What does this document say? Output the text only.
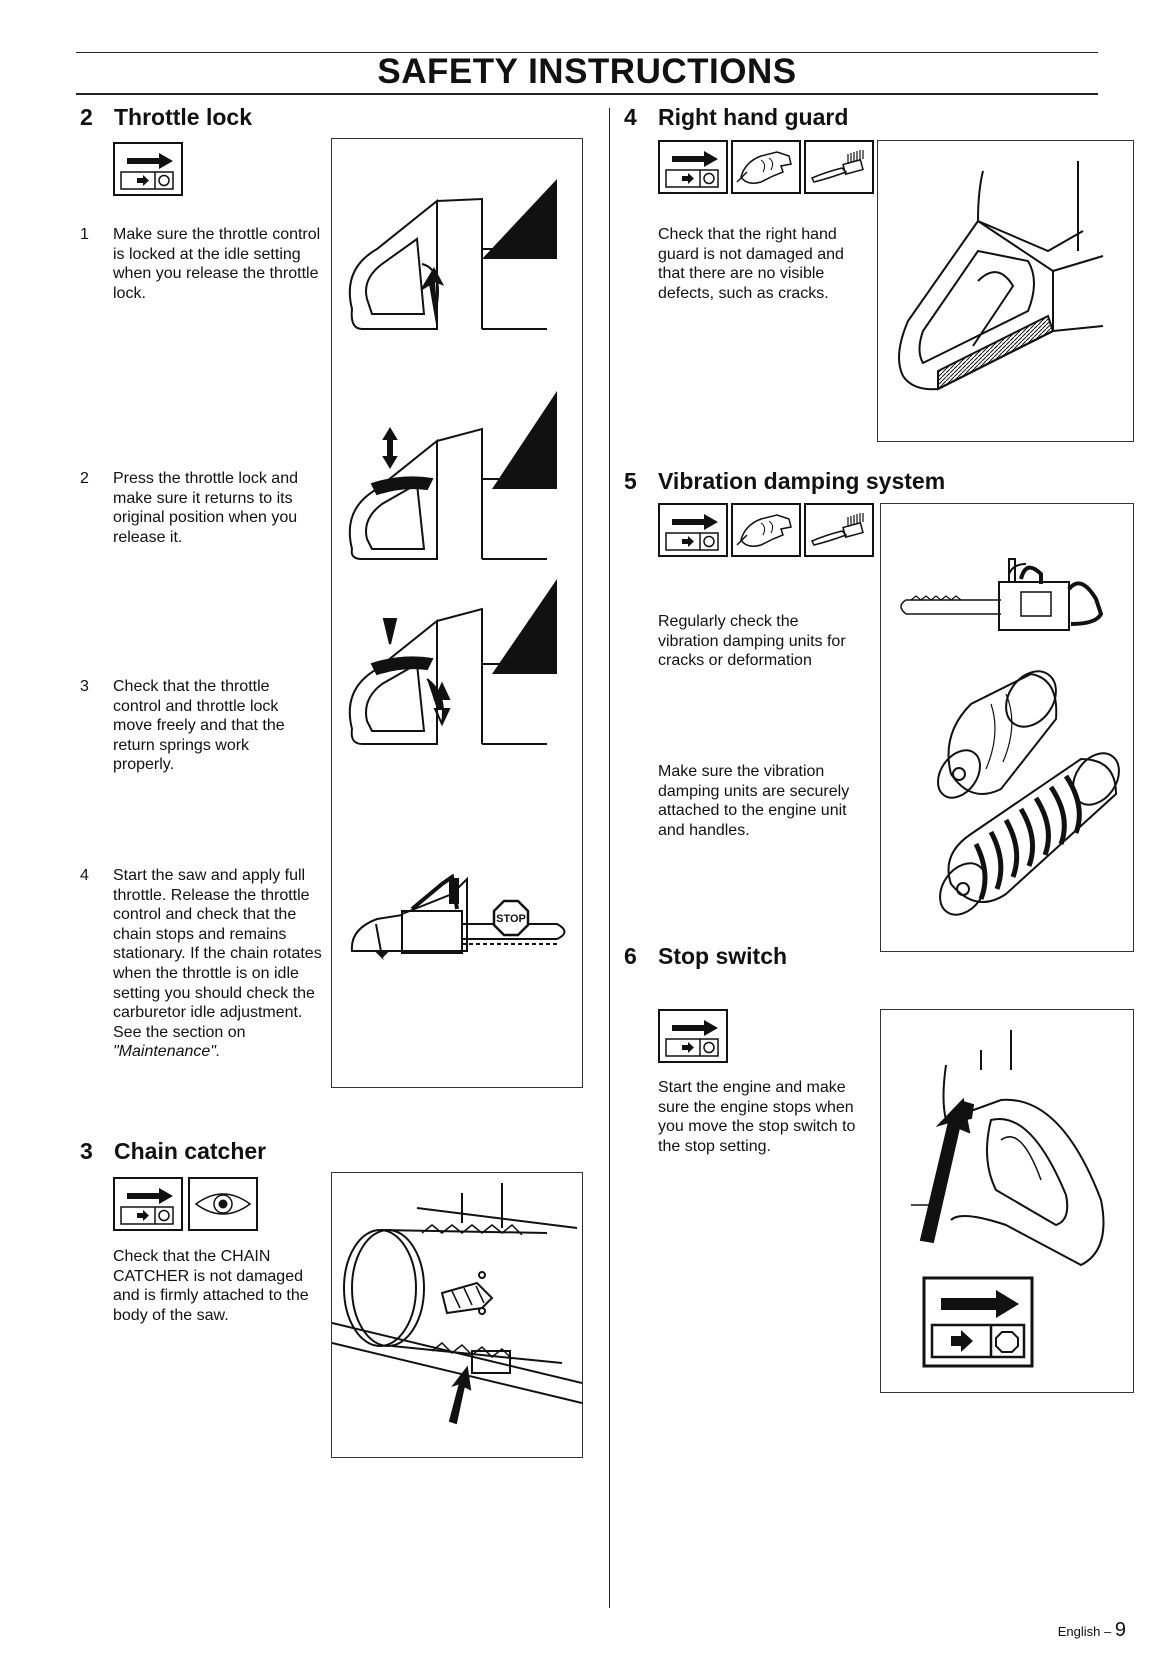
SAFETY INSTRUCTIONS
2 Throttle lock
1 Make sure the throttle control is locked at the idle setting when you release the throttle lock.
2 Press the throttle lock and make sure it returns to its original position when you release it.
3 Check that the throttle control and throttle lock move freely and that the return springs work properly.
4 Start the saw and apply full throttle. Release the throttle control and check that the chain stops and remains stationary. If the chain rotates when the throttle is on idle setting you should check the carburetor idle adjustment. See the section on "Maintenance".
STOP
3 Chain catcher
Check that the CHAIN CATCHER is not damaged and is firmly attached to the body of the saw.
4 Right hand guard
Check that the right hand guard is not damaged and that there are no visible defects, such as cracks.
5 Vibration damping system
Regularly check the vibration damping units for cracks or deformation
Make sure the vibration damping units are securely attached to the engine unit and handles.
6 Stop switch
Start the engine and make sure the engine stops when you move the stop switch to the stop setting.
English – 9
